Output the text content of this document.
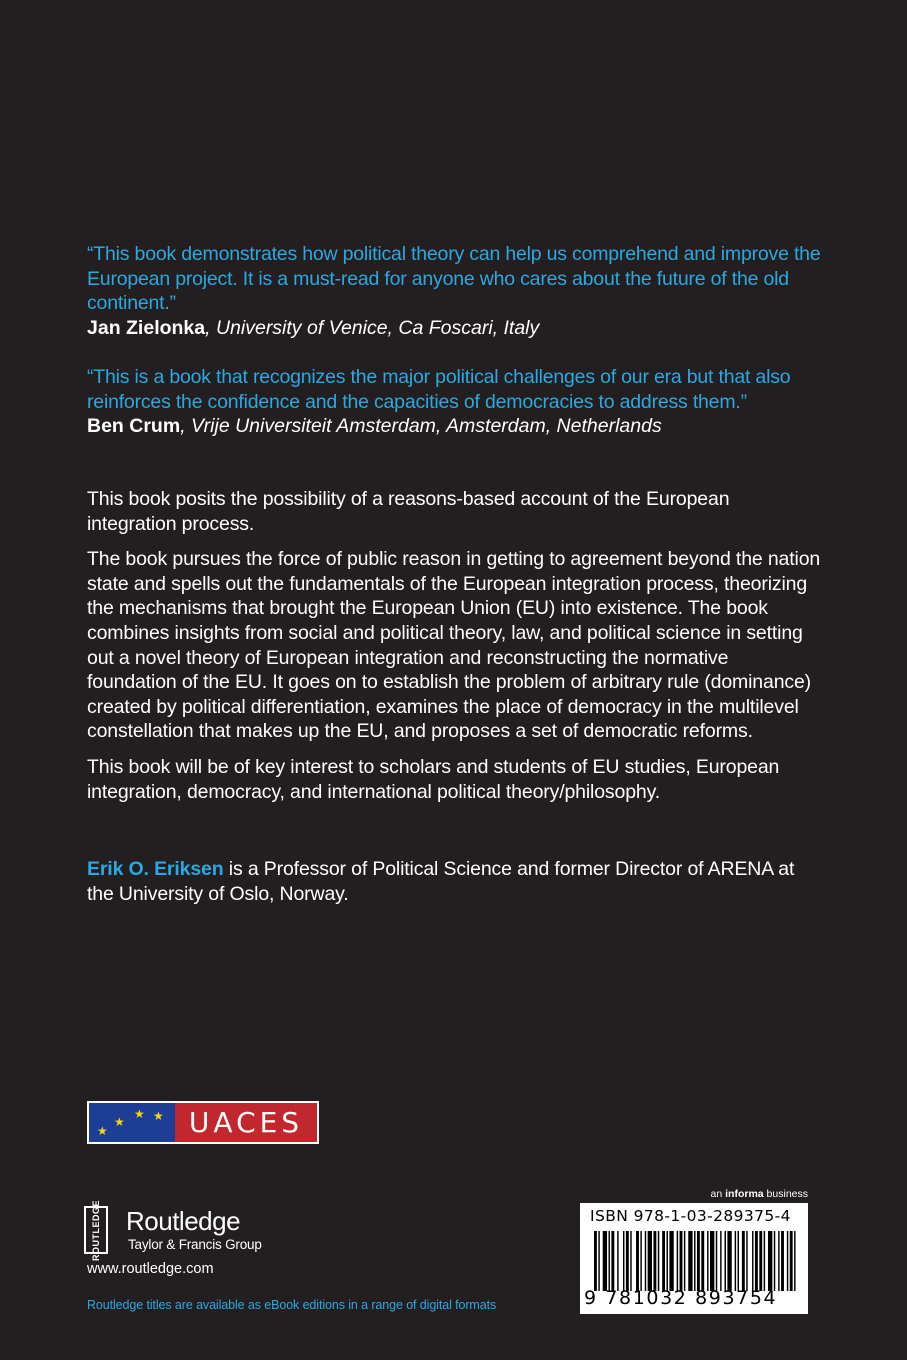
“This book demonstrates how political theory can help us comprehend and improve the European project. It is a must-read for anyone who cares about the future of the old continent.”

Jan Zielonka, University of Venice, Ca Foscari, Italy

“This is a book that recognizes the major political challenges of our era but that also reinforces the confidence and the capacities of democracies to address them.”

Ben Crum, Vrije Universiteit Amsterdam, Amsterdam, Netherlands

This book posits the possibility of a reasons-based account of the European integration process.

The book pursues the force of public reason in getting to agreement beyond the nation state and spells out the fundamentals of the European integration process, theorizing the mechanisms that brought the European Union (EU) into existence. The book combines insights from social and political theory, law, and political science in setting out a novel theory of European integration and reconstructing the normative foundation of the EU. It goes on to establish the problem of arbitrary rule (dominance) created by political differentiation, examines the place of democracy in the multilevel constellation that makes up the EU, and proposes a set of democratic reforms.

This book will be of key interest to scholars and students of EU studies, European integration, democracy, and international political theory/philosophy.

Erik O. Eriksen is a Professor of Political Science and former Director of ARENA at the University of Oslo, Norway.

★
★
★ ★ UACES
ROUTLEDGE Routledge
Taylor & Francis Group
www.routledge.com
Routledge titles are available as eBook editions in a range of digital formats
an informa business
ISBN 978-1-03-289375-4
9 781032 893754
